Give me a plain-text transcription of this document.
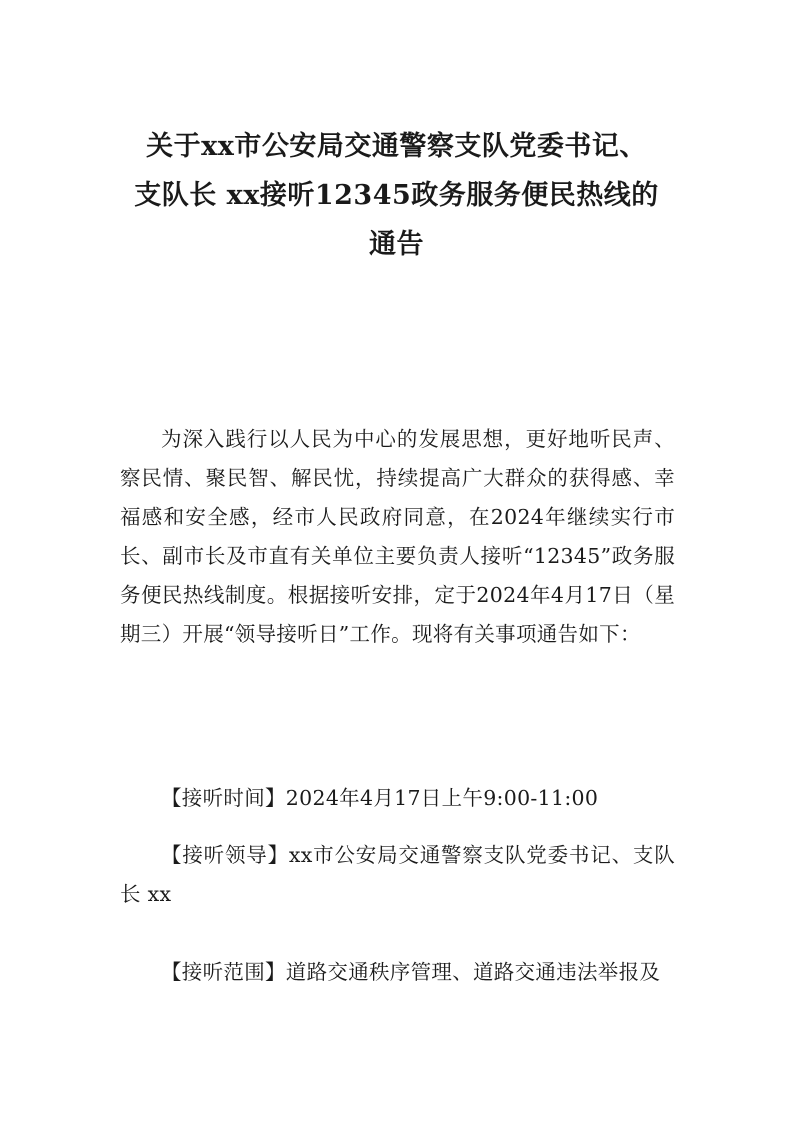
关于xx市公安局交通警察支队党委书记、
支队长 xx接听12345政务服务便民热线的
通告

为深入践行以人民为中心的发展思想，更好地听民声、察民情、聚民智、解民忧，持续提高广大群众的获得感、幸福感和安全感，经市人民政府同意，在2024年继续实行市长、副市长及市直有关单位主要负责人接听“12345”政务服务便民热线制度。根据接听安排，定于2024年4月17日（星期三）开展“领导接听日”工作。现将有关事项通告如下：

【接听时间】2024年4月17日上午9:00-11:00

【接听领导】xx市公安局交通警察支队党委书记、支队长 xx

【接听范围】道路交通秩序管理、道路交通违法举报及
